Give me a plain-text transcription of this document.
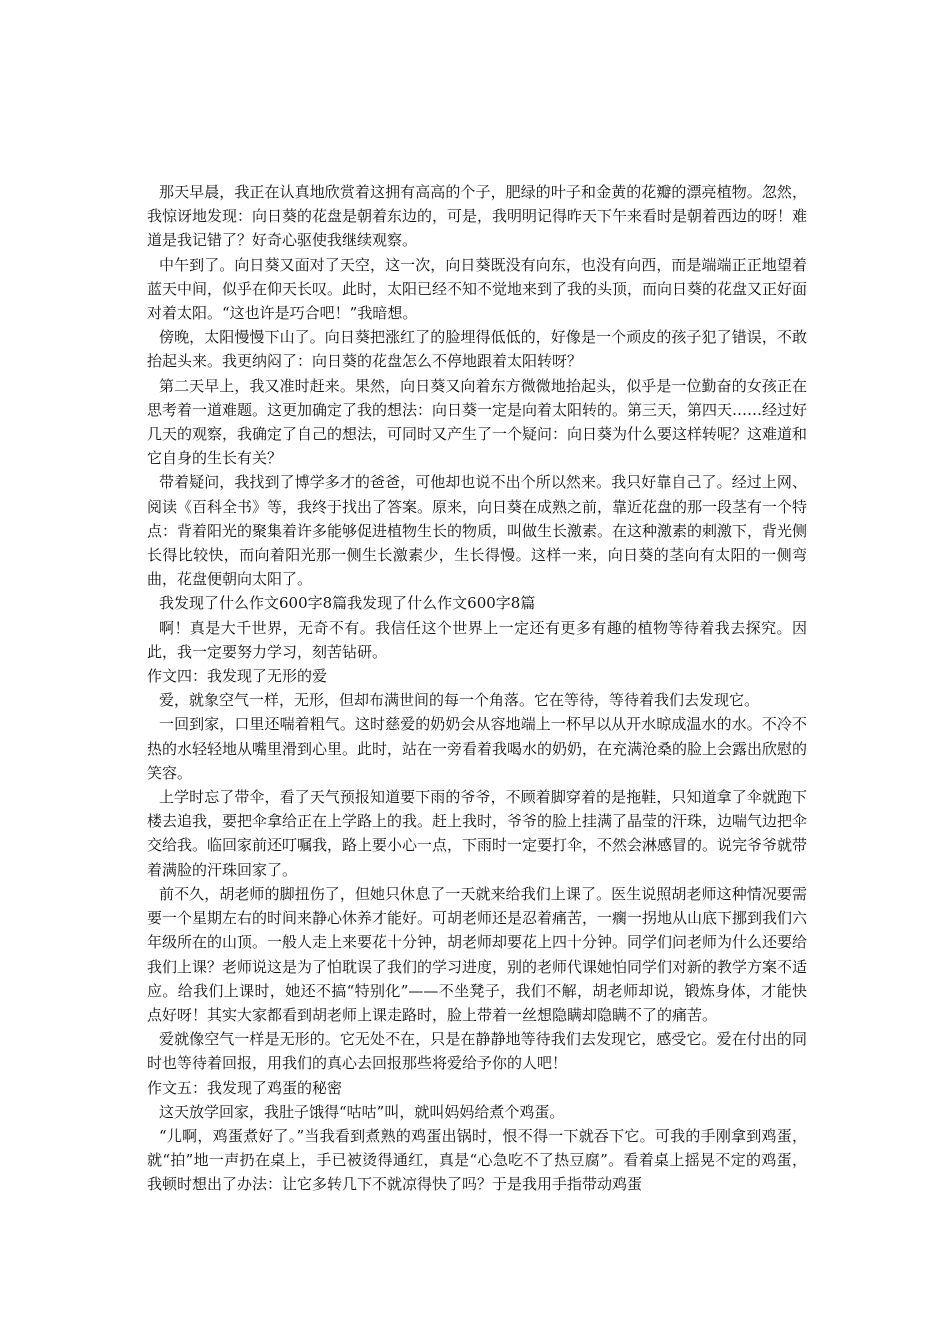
那天早晨，我正在认真地欣赏着这拥有高高的个子，肥绿的叶子和金黄的花瓣的漂亮植物。忽然，我惊讶地发现：向日葵的花盘是朝着东边的，可是，我明明记得昨天下午来看时是朝着西边的呀！难道是我记错了？好奇心驱使我继续观察。

中午到了。向日葵又面对了天空，这一次，向日葵既没有向东，也没有向西，而是端端正正地望着蓝天中间，似乎在仰天长叹。此时，太阳已经不知不觉地来到了我的头顶，而向日葵的花盘又正好面对着太阳。“这也许是巧合吧！”我暗想。

傍晚，太阳慢慢下山了。向日葵把涨红了的脸埋得低低的，好像是一个顽皮的孩子犯了错误，不敢抬起头来。我更纳闷了：向日葵的花盘怎么不停地跟着太阳转呀？

第二天早上，我又准时赶来。果然，向日葵又向着东方微微地抬起头，似乎是一位勤奋的女孩正在思考着一道难题。这更加确定了我的想法：向日葵一定是向着太阳转的。第三天，第四天……经过好几天的观察，我确定了自己的想法，可同时又产生了一个疑问：向日葵为什么要这样转呢？这难道和它自身的生长有关？

带着疑问，我找到了博学多才的爸爸，可他却也说不出个所以然来。我只好靠自己了。经过上网、阅读《百科全书》等，我终于找出了答案。原来，向日葵在成熟之前，靠近花盘的那一段茎有一个特点：背着阳光的聚集着许多能够促进植物生长的物质，叫做生长激素。在这种激素的刺激下，背光侧长得比较快，而向着阳光那一侧生长激素少，生长得慢。这样一来，向日葵的茎向有太阳的一侧弯曲，花盘便朝向太阳了。

我发现了什么作文600字8篇我发现了什么作文600字8篇

啊！真是大千世界，无奇不有。我信任这个世界上一定还有更多有趣的植物等待着我去探究。因此，我一定要努力学习，刻苦钻研。

作文四：我发现了无形的爱

爱，就象空气一样，无形，但却布满世间的每一个角落。它在等待，等待着我们去发现它。

一回到家，口里还喘着粗气。这时慈爱的奶奶会从容地端上一杯早以从开水晾成温水的水。不冷不热的水轻轻地从嘴里滑到心里。此时，站在一旁看着我喝水的奶奶，在充满沧桑的脸上会露出欣慰的笑容。

上学时忘了带伞，看了天气预报知道要下雨的爷爷，不顾着脚穿着的是拖鞋，只知道拿了伞就跑下楼去追我，要把伞拿给正在上学路上的我。赶上我时，爷爷的脸上挂满了晶莹的汗珠，边喘气边把伞交给我。临回家前还叮嘱我，路上要小心一点，下雨时一定要打伞，不然会淋感冒的。说完爷爷就带着满脸的汗珠回家了。

前不久，胡老师的脚扭伤了，但她只休息了一天就来给我们上课了。医生说照胡老师这种情况要需要一个星期左右的时间来静心休养才能好。可胡老师还是忍着痛苦，一瘸一拐地从山底下挪到我们六年级所在的山顶。一般人走上来要花十分钟，胡老师却要花上四十分钟。同学们问老师为什么还要给我们上课？老师说这是为了怕耽误了我们的学习进度，别的老师代课她怕同学们对新的教学方案不适应。给我们上课时，她还不搞“特别化”——不坐凳子，我们不解，胡老师却说，锻炼身体，才能快点好呀！其实大家都看到胡老师上课走路时，脸上带着一丝想隐瞒却隐瞒不了的痛苦。

爱就像空气一样是无形的。它无处不在，只是在静静地等待我们去发现它，感受它。爱在付出的同时也等待着回报，用我们的真心去回报那些将爱给予你的人吧！

作文五：我发现了鸡蛋的秘密

这天放学回家，我肚子饿得“咕咕”叫，就叫妈妈给煮个鸡蛋。

“儿啊，鸡蛋煮好了。”当我看到煮熟的鸡蛋出锅时，恨不得一下就吞下它。可我的手刚拿到鸡蛋，就“拍”地一声扔在桌上，手已被烫得通红，真是“心急吃不了热豆腐”。看着桌上摇晃不定的鸡蛋，我顿时想出了办法：让它多转几下不就凉得快了吗？于是我用手指带动鸡蛋
